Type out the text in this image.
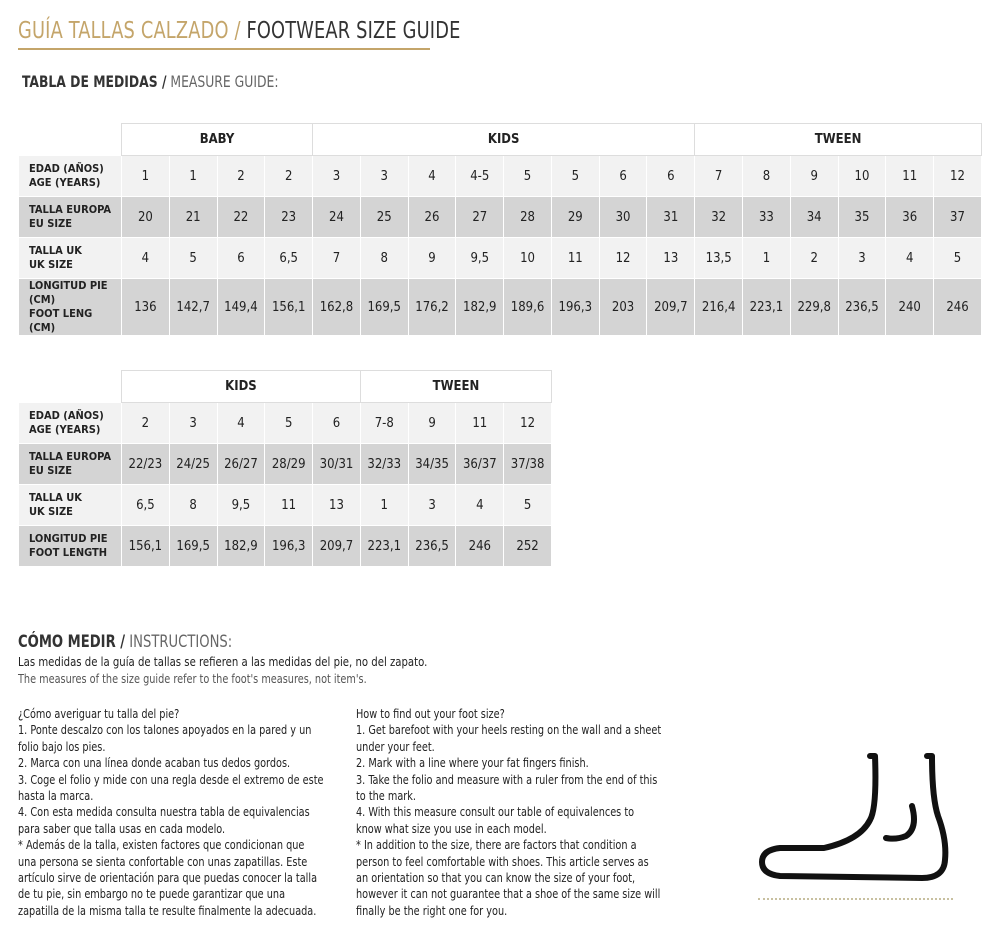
GUÍA TALLAS CALZADO / FOOTWEAR SIZE GUIDE
TABLA DE MEDIDAS / MEASURE GUIDE:
	BABY				KIDS								TWEEN					

EDAD (AÑOS)
AGE (YEARS)	1	1	2	2	3	3	4	4-5	5	5	6	6	7	8	9	10	11	12

TALLA EUROPA
EU SIZE	20	21	22	23	24	25	26	27	28	29	30	31	32	33	34	35	36	37

TALLA UK
UK SIZE	4	5	6	6,5	7	8	9	9,5	10	11	12	13	13,5	1	2	3	4	5

LONGITUD PIE (CM)
FOOT LENG (CM)	136	142,7	149,4	156,1	162,8	169,5	176,2	182,9	189,6	196,3	203	209,7	216,4	223,1	229,8	236,5	240	246
	KIDS					TWEEN			

EDAD (AÑOS)
AGE (YEARS)	2	3	4	5	6	7-8	9	11	12

TALLA EUROPA
EU SIZE	22/23	24/25	26/27	28/29	30/31	32/33	34/35	36/37	37/38

TALLA UK
UK SIZE	6,5	8	9,5	11	13	1	3	4	5

LONGITUD PIE
FOOT LENGTH	156,1	169,5	182,9	196,3	209,7	223,1	236,5	246	252
CÓMO MEDIR / INSTRUCTIONS:
Las medidas de la guía de tallas se refieren a las medidas del pie, no del zapato.
The measures of the size guide refer to the foot's measures, not item's.

¿Cómo averiguar tu talla del pie?

1. Ponte descalzo con los talones apoyados en la pared y un folio bajo los pies.

2. Marca con una línea donde acaban tus dedos gordos.

3. Coge el folio y mide con una regla desde el extremo de este hasta la marca.

4. Con esta medida consulta nuestra tabla de equivalencias para saber que talla usas en cada modelo.

* Además de la talla, existen factores que condicionan que una persona se sienta confortable con unas zapatillas. Este artículo sirve de orientación para que puedas conocer la talla de tu pie, sin embargo no te puede garantizar que una zapatilla de la misma talla te resulte finalmente la adecuada.

How to find out your foot size?

1. Get barefoot with your heels resting on the wall and a sheet under your feet.

2. Mark with a line where your fat fingers finish.

3. Take the folio and measure with a ruler from the end of this to the mark.

4. With this measure consult our table of equivalences to know what size you use in each model.

* In addition to the size, there are factors that condition a person to feel comfortable with shoes. This article serves as an orientation so that you can know the size of your foot, however it can not guarantee that a shoe of the same size will finally be the right one for you.
